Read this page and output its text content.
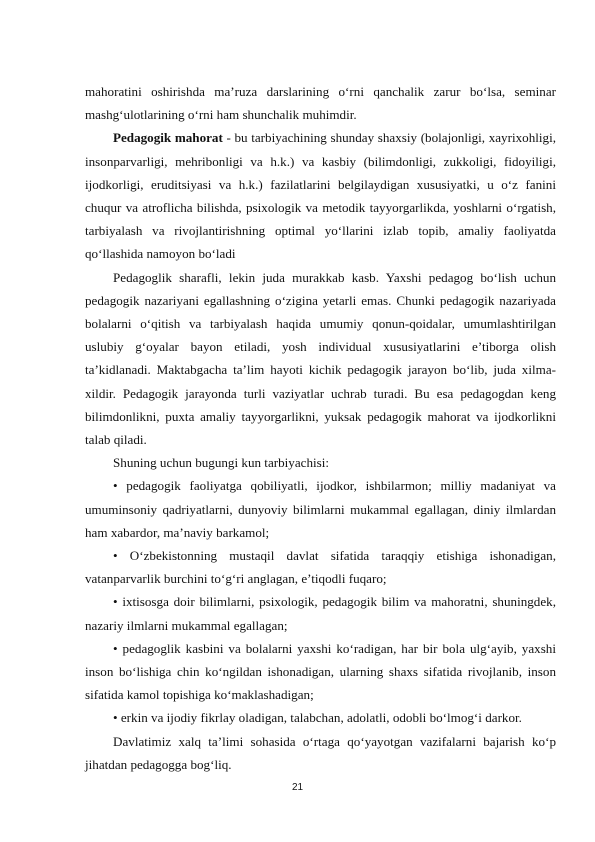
mahoratini oshirishda ma’ruza darslarining o‘rni qanchalik zarur bo‘lsa, seminar mashg‘ulotlarining o‘rni ham shunchalik muhimdir.

Pedagogik mahorat - bu tarbiyachining shunday shaxsiy (bolajonligi, xayrixohligi, insonparvarligi, mehribonligi va h.k.) va kasbiy (bilimdonligi, zukkoligi, fidoyiligi, ijodkorligi, eruditsiyasi va h.k.) fazilatlarini belgilaydigan xususiyatki, u o‘z fanini chuqur va atroflicha bilishda, psixologik va metodik tayyorgarlikda, yoshlarni o‘rgatish, tarbiyalash va rivojlantirishning optimal yo‘llarini izlab topib, amaliy faoliyatda qo‘llashida namoyon bo‘ladi

Pedagoglik sharafli, lekin juda murakkab kasb. Yaxshi pedagog bo‘lish uchun pedagogik nazariyani egallashning o‘zigina yetarli emas. Chunki pedagogik nazariyada bolalarni o‘qitish va tarbiyalash haqida umumiy qonun-qoidalar, umumlashtirilgan uslubiy g‘oyalar bayon etiladi, yosh individual xususiyatlarini e’tiborga olish ta’kidlanadi. Maktabgacha ta’lim hayoti kichik pedagogik jarayon bo‘lib, juda xilma-xildir. Pedagogik jarayonda turli vaziyatlar uchrab turadi. Bu esa pedagogdan keng bilimdonlikni, puxta amaliy tayyorgarlikni, yuksak pedagogik mahorat va ijodkorlikni talab qiladi.

Shuning uchun bugungi kun tarbiyachisi:

• pedagogik faoliyatga qobiliyatli, ijodkor, ishbilarmon; milliy madaniyat va umuminsoniy qadriyatlarni, dunyoviy bilimlarni mukammal egallagan, diniy ilmlardan ham xabardor, ma’naviy barkamol;

• O‘zbekistonning mustaqil davlat sifatida taraqqiy etishiga ishonadigan, vatanparvarlik burchini to‘g‘ri anglagan, e’tiqodli fuqaro;

• ixtisosga doir bilimlarni, psixologik, pedagogik bilim va mahoratni, shuningdek, nazariy ilmlarni mukammal egallagan;

• pedagoglik kasbini va bolalarni yaxshi ko‘radigan, har bir bola ulg‘ayib, yaxshi inson bo‘lishiga chin ko‘ngildan ishonadigan, ularning shaxs sifatida rivojlanib, inson sifatida kamol topishiga ko‘maklashadigan;

• erkin va ijodiy fikrlay oladigan, talabchan, adolatli, odobli bo‘lmog‘i darkor.

Davlatimiz xalq ta’limi sohasida o‘rtaga qo‘yayotgan vazifalarni bajarish ko‘p jihatdan pedagogga bog‘liq.

21
